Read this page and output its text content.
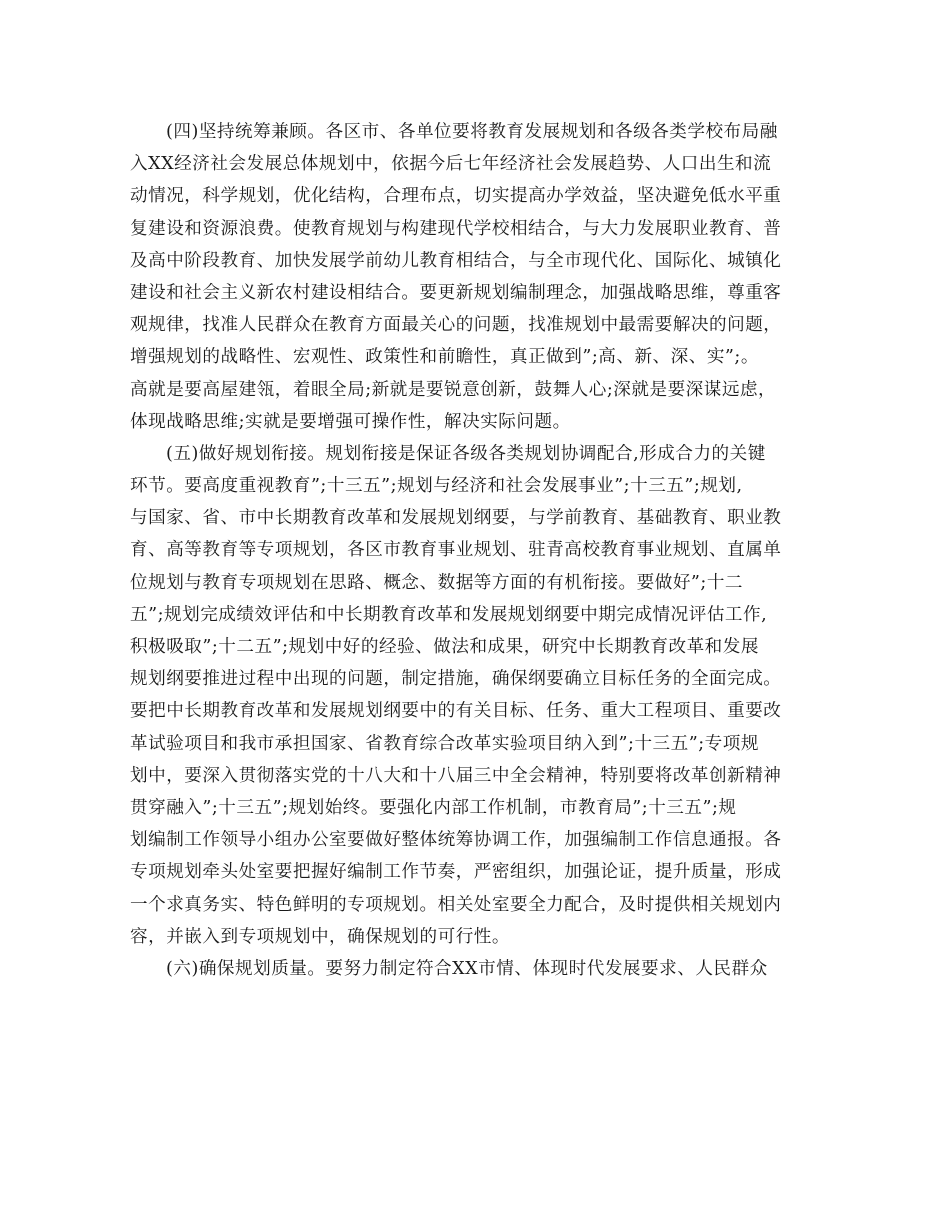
(四)坚持统筹兼顾。各区市、各单位要将教育发展规划和各级各类学校布局融
入XX经济社会发展总体规划中，依据今后七年经济社会发展趋势、人口出生和流
动情况，科学规划，优化结构，合理布点，切实提高办学效益，坚决避免低水平重
复建设和资源浪费。使教育规划与构建现代学校相结合，与大力发展职业教育、普
及高中阶段教育、加快发展学前幼儿教育相结合，与全市现代化、国际化、城镇化
建设和社会主义新农村建设相结合。要更新规划编制理念，加强战略思维，尊重客
观规律，找准人民群众在教育方面最关心的问题，找准规划中最需要解决的问题，
增强规划的战略性、宏观性、政策性和前瞻性，真正做到”;高、新、深、实”;。
高就是要高屋建瓴，着眼全局;新就是要锐意创新，鼓舞人心;深就是要深谋远虑，
体现战略思维;实就是要增强可操作性，解决实际问题。
(五)做好规划衔接。规划衔接是保证各级各类规划协调配合,形成合力的关键
环节。要高度重视教育”;十三五”;规划与经济和社会发展事业”;十三五”;规划,
与国家、省、市中长期教育改革和发展规划纲要，与学前教育、基础教育、职业教
育、高等教育等专项规划，各区市教育事业规划、驻青高校教育事业规划、直属单
位规划与教育专项规划在思路、概念、数据等方面的有机衔接。要做好”;十二
五”;规划完成绩效评估和中长期教育改革和发展规划纲要中期完成情况评估工作,
积极吸取”;十二五”;规划中好的经验、做法和成果，研究中长期教育改革和发展
规划纲要推进过程中出现的问题，制定措施，确保纲要确立目标任务的全面完成。
要把中长期教育改革和发展规划纲要中的有关目标、任务、重大工程项目、重要改
革试验项目和我市承担国家、省教育综合改革实验项目纳入到”;十三五”;专项规
划中，要深入贯彻落实党的十八大和十八届三中全会精神，特别要将改革创新精神
贯穿融入”;十三五”;规划始终。要强化内部工作机制，市教育局”;十三五”;规
划编制工作领导小组办公室要做好整体统筹协调工作，加强编制工作信息通报。各
专项规划牵头处室要把握好编制工作节奏，严密组织，加强论证，提升质量，形成
一个求真务实、特色鲜明的专项规划。相关处室要全力配合，及时提供相关规划内
容，并嵌入到专项规划中，确保规划的可行性。
(六)确保规划质量。要努力制定符合XX市情、体现时代发展要求、人民群众
